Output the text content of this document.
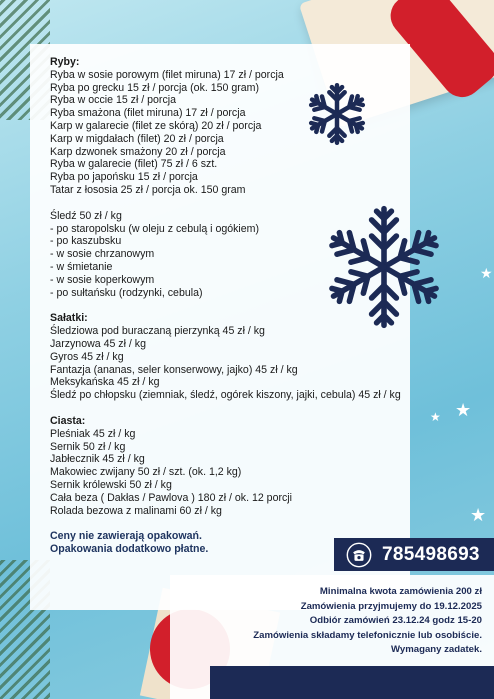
★
★
★
★
Ryby:
Ryba w sosie porowym (filet miruna) 17 zł / porcja
Ryba po grecku 15 zł / porcja (ok. 150 gram)
Ryba w occie 15 zł / porcja
Ryba smażona (filet miruna) 17 zł / porcja
Karp w galarecie (filet ze skórą) 20 zł / porcja
Karp w migdałach (filet) 20 zł / porcja
Karp dzwonek smażony 20 zł / porcja
Ryba w galarecie (filet) 75 zł / 6 szt.
Ryba po japońsku 15 zł / porcja
Tatar z łososia 25 zł / porcja ok. 150 gram
Śledź 50 zł / kg
- po staropolsku (w oleju z cebulą i ogókiem)
- po kaszubsku
- w sosie chrzanowym
- w śmietanie
- w sosie koperkowym
- po sułtańsku (rodzynki, cebula)
Sałatki:
Śledziowa pod buraczaną pierzynką 45 zł / kg
Jarzynowa 45 zł / kg
Gyros 45 zł / kg
Fantazja (ananas, seler konserwowy, jajko) 45 zł / kg
Meksykańska 45 zł / kg
Śledź po chłopsku (ziemniak, śledź, ogórek kiszony, jajki, cebula) 45 zł / kg
Ciasta:
Pleśniak 45 zł / kg
Sernik 50 zł / kg
Jabłecznik 45 zł / kg
Makowiec zwijany 50 zł / szt. (ok. 1,2 kg)
Sernik królewski 50 zł / kg
Cała beza ( Dakłas / Pawlova ) 180 zł / ok. 12 porcji
Rolada bezowa z malinami 60 zł / kg
Ceny nie zawierają opakowań.
Opakowania dodatkowo płatne.	785498693
Minimalna kwota zamówienia 200 zł
Zamówienia przyjmujemy do 19.12.2025
Odbiór zamówień 23.12.24 godz 15-20
Zamówienia składamy telefonicznie lub osobiście.
Wymagany zadatek.
